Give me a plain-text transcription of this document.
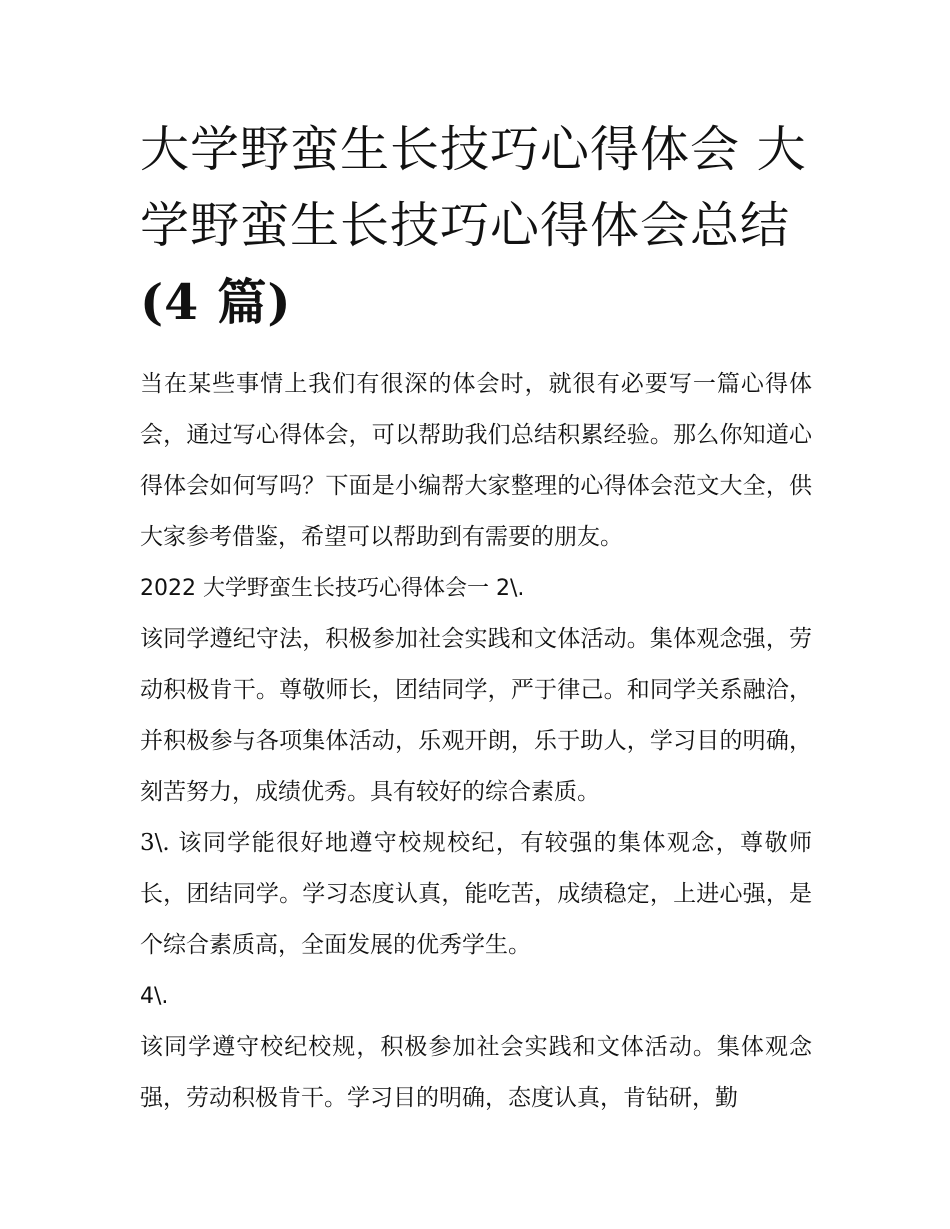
大学野蛮生长技巧心得体会 大学野蛮生长技巧心得体会总结
(4 篇)

当在某些事情上我们有很深的体会时，就很有必要写一篇心得体会，通过写心得体会，可以帮助我们总结积累经验。那么你知道心得体会如何写吗？下面是小编帮大家整理的心得体会范文大全，供大家参考借鉴，希望可以帮助到有需要的朋友。

2022 大学野蛮生长技巧心得体会一 2\.

该同学遵纪守法，积极参加社会实践和文体活动。集体观念强，劳动积极肯干。尊敬师长，团结同学，严于律己。和同学关系融洽，并积极参与各项集体活动，乐观开朗，乐于助人，学习目的明确，刻苦努力，成绩优秀。具有较好的综合素质。

3\. 该同学能很好地遵守校规校纪，有较强的集体观念，尊敬师长，团结同学。学习态度认真，能吃苦，成绩稳定，上进心强，是个综合素质高，全面发展的优秀学生。

4\.

该同学遵守校纪校规，积极参加社会实践和文体活动。集体观念强，劳动积极肯干。学习目的明确，态度认真，肯钻研，勤
